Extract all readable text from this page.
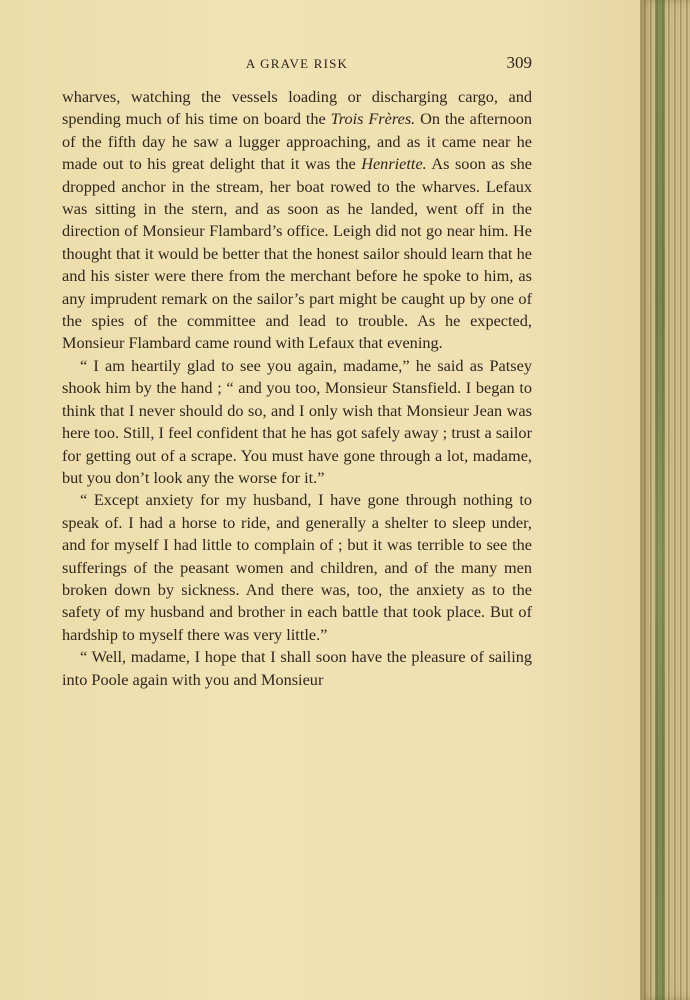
A GRAVE RISK	309

wharves, watching the vessels loading or discharging cargo, and spending much of his time on board the Trois Frères. On the afternoon of the fifth day he saw a lugger approaching, and as it came near he made out to his great delight that it was the Henriette. As soon as she dropped anchor in the stream, her boat rowed to the wharves. Lefaux was sitting in the stern, and as soon as he landed, went off in the direction of Monsieur Flambard’s office. Leigh did not go near him. He thought that it would be better that the honest sailor should learn that he and his sister were there from the merchant before he spoke to him, as any imprudent remark on the sailor’s part might be caught up by one of the spies of the committee and lead to trouble. As he expected, Monsieur Flambard came round with Lefaux that evening.

“ I am heartily glad to see you again, madame,” he said as Patsey shook him by the hand ; “ and you too, Monsieur Stansfield. I began to think that I never should do so, and I only wish that Monsieur Jean was here too. Still, I feel confident that he has got safely away ; trust a sailor for getting out of a scrape. You must have gone through a lot, madame, but you don’t look any the worse for it.”

“ Except anxiety for my husband, I have gone through nothing to speak of. I had a horse to ride, and generally a shelter to sleep under, and for myself I had little to complain of ; but it was terrible to see the sufferings of the peasant women and children, and of the many men broken down by sickness. And there was, too, the anxiety as to the safety of my husband and brother in each battle that took place. But of hardship to myself there was very little.”

“ Well, madame, I hope that I shall soon have the pleasure of sailing into Poole again with you and Monsieur
